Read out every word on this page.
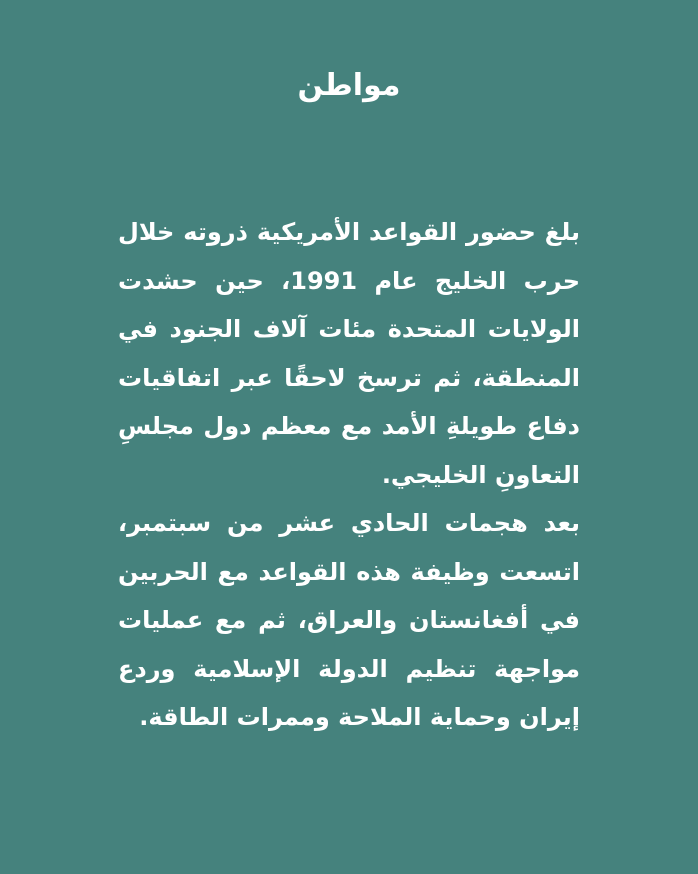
مواطن

بلغ حضور القواعد الأمريكية ذروته خلال حرب الخليج عام 1991، حين حشدت الولايات المتحدة مئات آلاف الجنود في المنطقة، ثم ترسخ لاحقًا عبر اتفاقيات دفاع طويلةِ الأمد مع معظم دول مجلسِ التعاونِ الخليجي.

بعد هجمات الحادي عشر من سبتمبر، اتسعت وظيفة هذه القواعد مع الحربين في أفغانستان والعراق، ثم مع عمليات مواجهة تنظيم الدولة الإسلامية وردع إيران وحماية الملاحة وممرات الطاقة.
